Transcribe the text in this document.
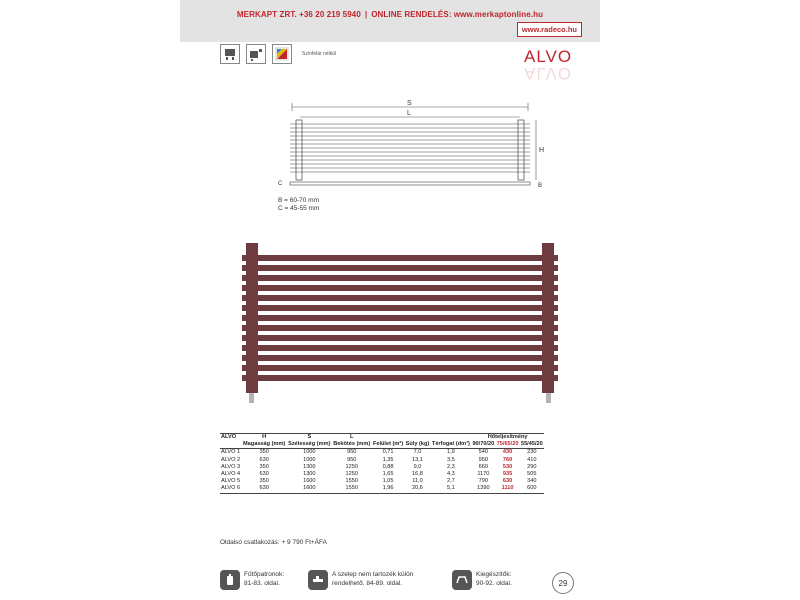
MERKAPT ZRT. +36 20 219 5940 | ONLINE RENDELÉS: www.merkaptonline.hu
www.radeco.hu
Színfelár nélkül	ALVO
ALVO
S
L
H
C	B
B = 60-70 mm
C = 45-55 mm
ALVO	H	S	L	Felület (m²)	Súly (kg)	Térfogat (dm³)	Hőteljesítmény		
	Magasság (mm)	Szélesség (mm)	Bekötés (mm)				90/70/20	75/65/20	55/45/20
ALVO 1	350	1000	950	0,71	7,0	1,9	540	430	230
ALVO 2	630	1000	950	1,35	13,1	3,5	950	760	410
ALVO 3	350	1300	1250	0,88	9,0	2,3	660	530	290
ALVO 4	630	1300	1250	1,65	16,8	4,3	1170	935	505
ALVO 5	350	1600	1550	1,05	11,0	2,7	790	630	340
ALVO 6	630	1600	1550	1,96	20,6	5,1	1390	1110	600
Oldalsó csatlakozás: + 9 790 Ft+ÁFA
Fűtőpatronok:
81-83. oldal.
A szelep nem tartozék külön
rendelhető. 84-89. oldal.
Kiegészítők:
90-92. oldal.	29
